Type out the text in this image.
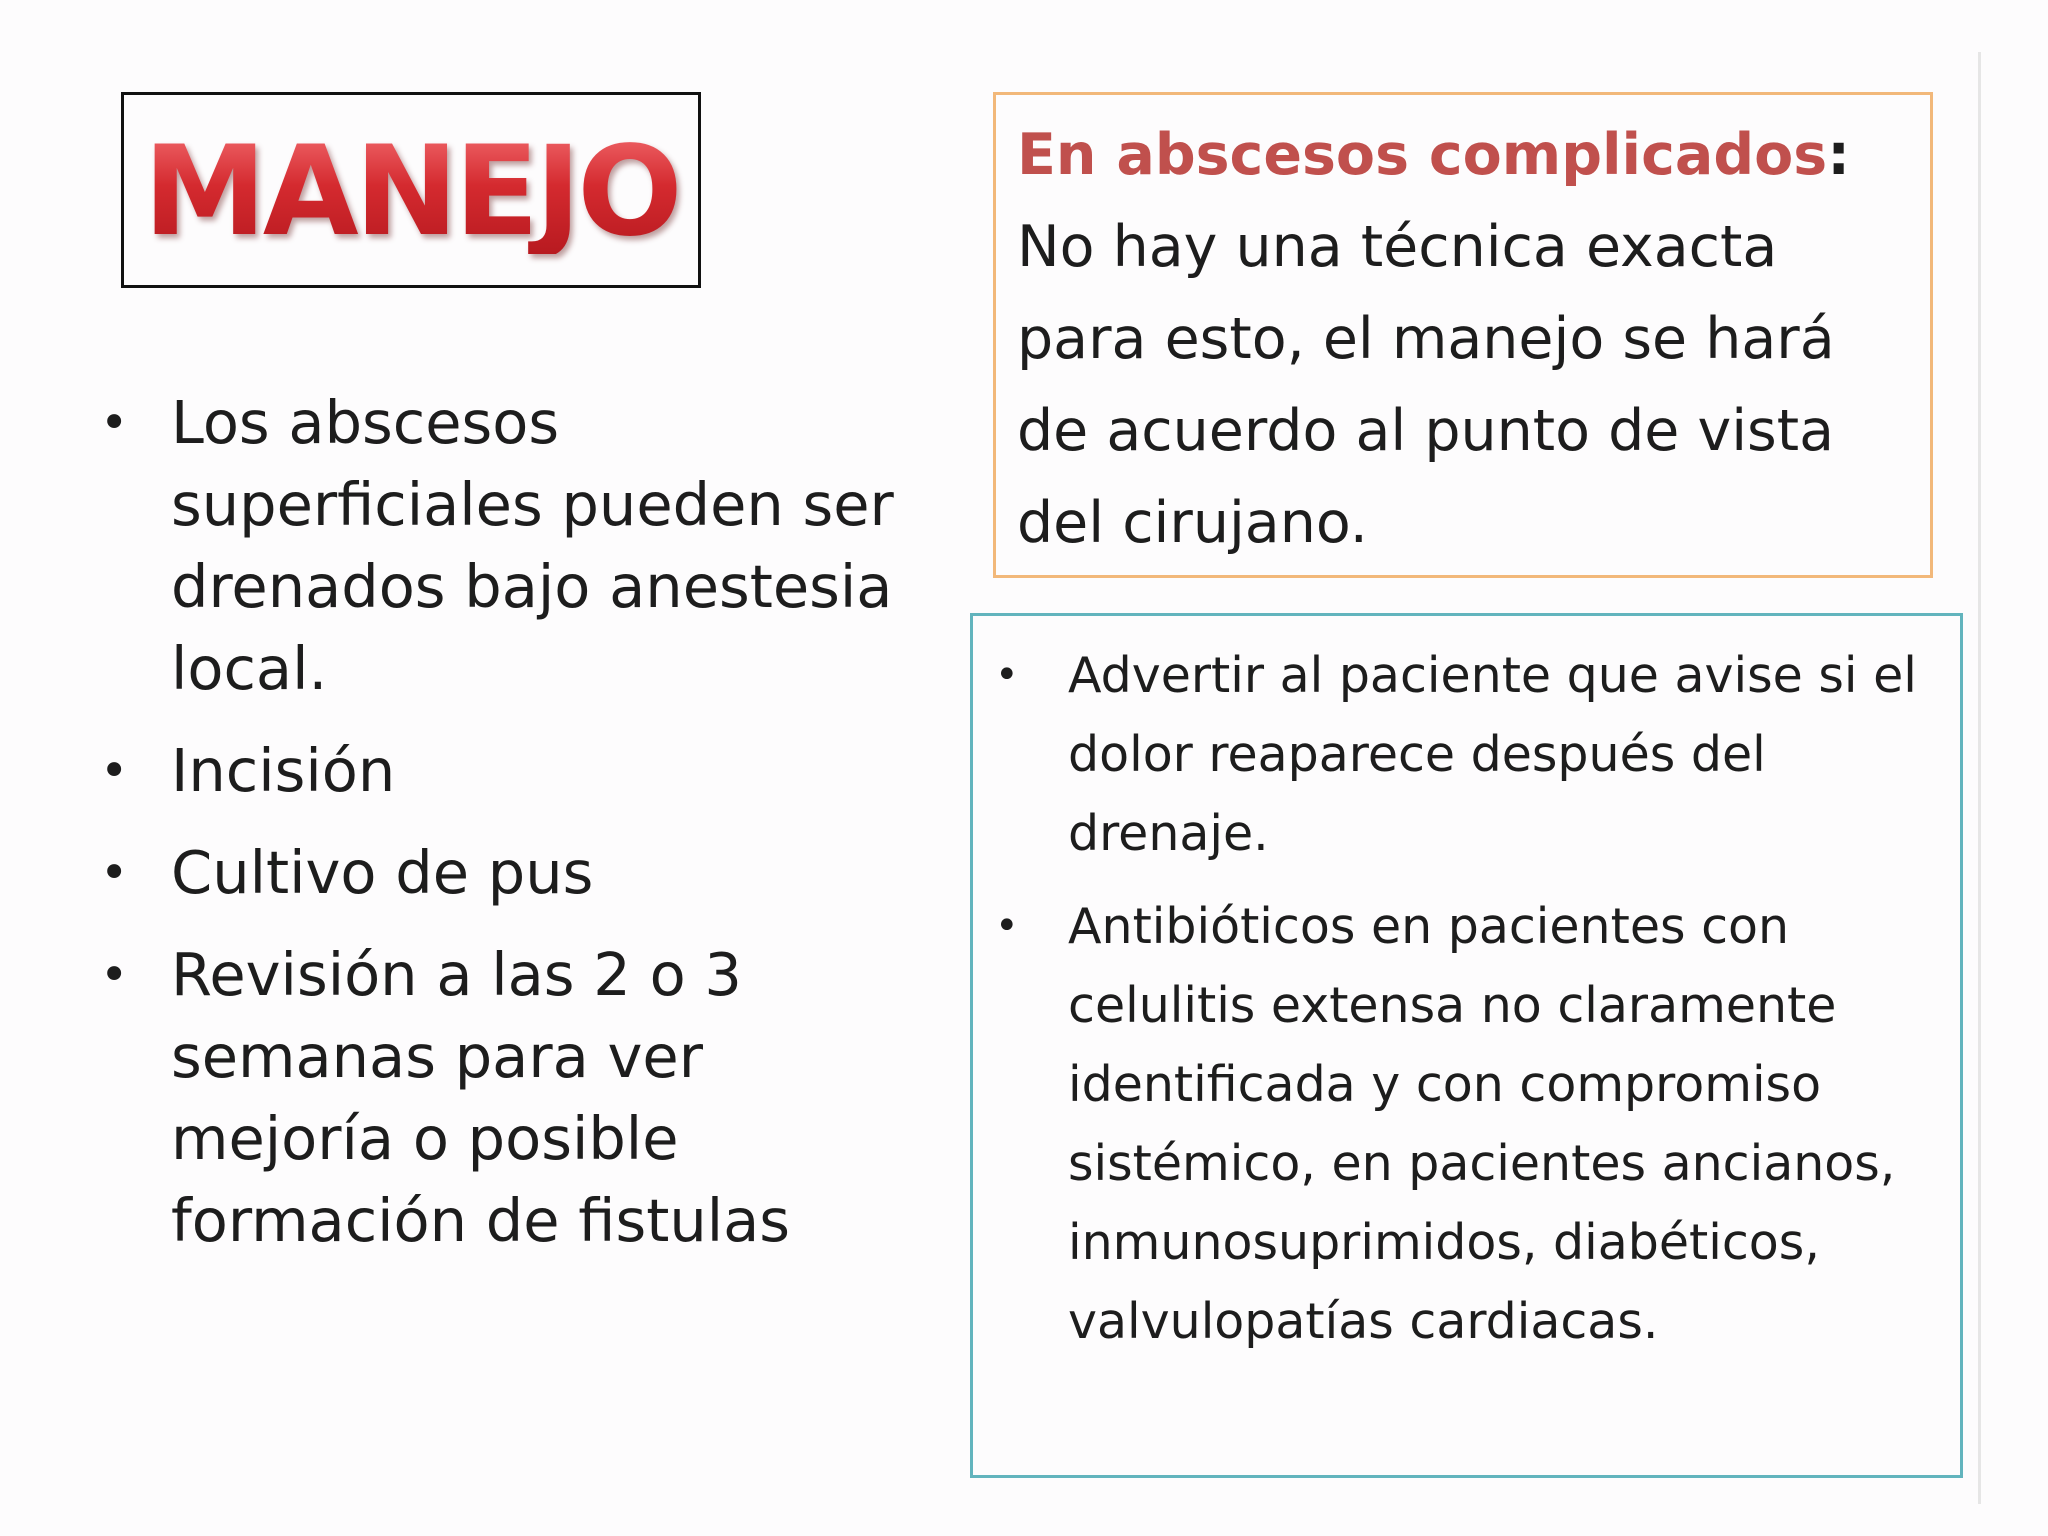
MANEJO
• Los abscesos superficiales pueden ser drenados bajo anestesia local.
• Incisión
• Cultivo de pus
• Revisión a las 2 o 3 semanas para ver mejoría o posible formación de fistulas
En abscesos complicados: No hay una técnica exacta para esto, el manejo se hará de acuerdo al punto de vista del cirujano.
• Advertir al paciente que avise si el dolor reaparece después del drenaje.
• Antibióticos en pacientes con celulitis extensa no claramente identificada y con compromiso sistémico, en pacientes ancianos, inmunosuprimidos, diabéticos, valvulopatías cardiacas.
